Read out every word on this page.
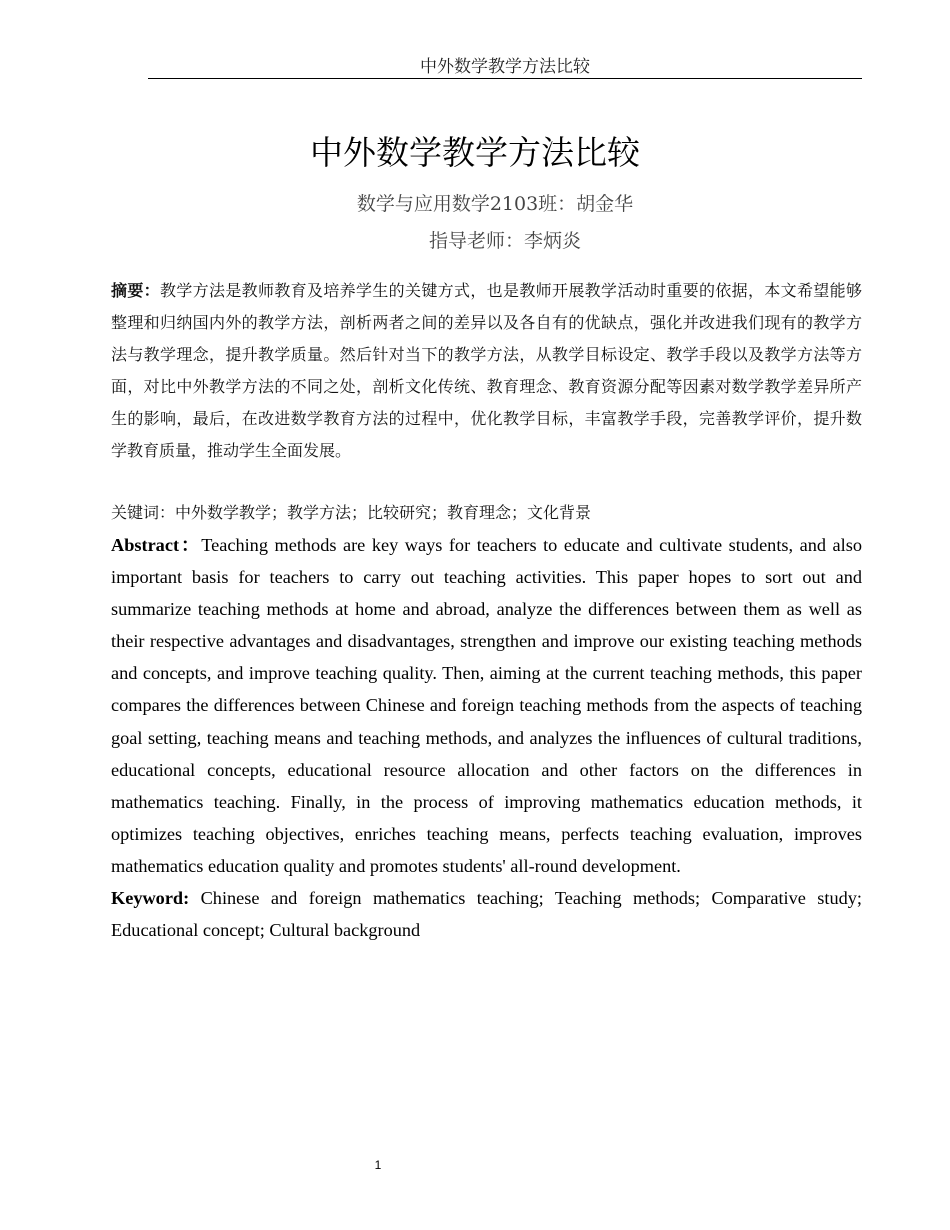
中外数学教学方法比较
中外数学教学方法比较
数学与应用数学2103班：胡金华
指导老师：李炳炎
摘要：教学方法是教师教育及培养学生的关键方式，也是教师开展教学活动时重要的依据，本文希望能够整理和归纳国内外的教学方法，剖析两者之间的差异以及各自有的优缺点，强化并改进我们现有的教学方法与教学理念，提升教学质量。然后针对当下的教学方法，从教学目标设定、教学手段以及教学方法等方面，对比中外教学方法的不同之处，剖析文化传统、教育理念、教育资源分配等因素对数学教学差异所产生的影响，最后，在改进数学教育方法的过程中，优化教学目标，丰富教学手段，完善教学评价，提升数学教育质量，推动学生全面发展。
关键词：中外数学教学；教学方法；比较研究；教育理念；文化背景
Abstract：Teaching methods are key ways for teachers to educate and cultivate students, and also important basis for teachers to carry out teaching activities. This paper hopes to sort out and summarize teaching methods at home and abroad, analyze the differences between them as well as their respective advantages and disadvantages, strengthen and improve our existing teaching methods and concepts, and improve teaching quality. Then, aiming at the current teaching methods, this paper compares the differences between Chinese and foreign teaching methods from the aspects of teaching goal setting, teaching means and teaching methods, and analyzes the influences of cultural traditions, educational concepts, educational resource allocation and other factors on the differences in mathematics teaching. Finally, in the process of improving mathematics education methods, it optimizes teaching objectives, enriches teaching means, perfects teaching evaluation, improves mathematics education quality and promotes students' all-round development.
Keyword: Chinese and foreign mathematics teaching; Teaching methods; Comparative study; Educational concept; Cultural background
1
